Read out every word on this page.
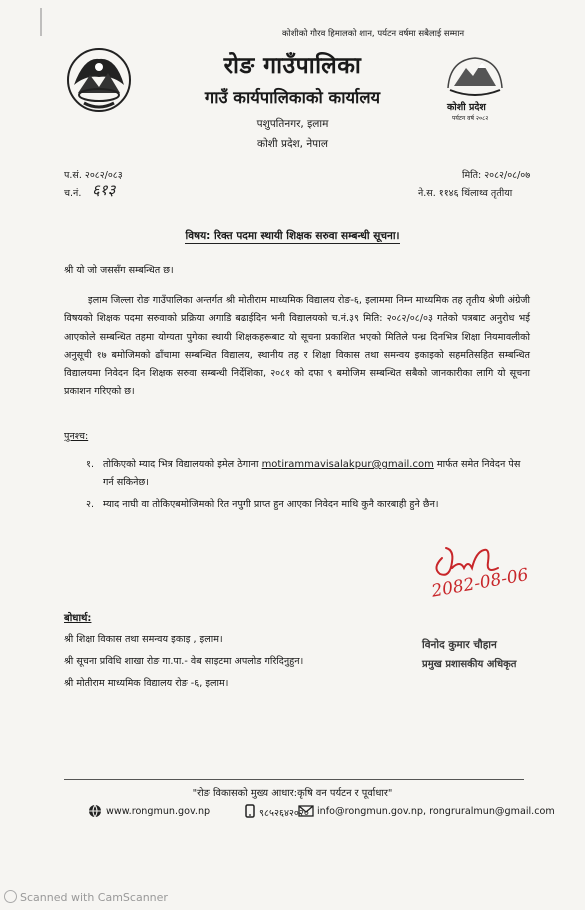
कोशीको गौरव हिमालको शान, पर्यटन वर्षमा सबैलाई सम्मान
रोङ गाउँपालिका
गाउँ कार्यपालिकाको कार्यालय
पशुपतिनगर, इलाम
कोशी प्रदेश, नेपाल
कोशी प्रदेश
पर्यटन वर्ष २०८२
प.सं. २०८२/०८३
च.नं. ६१३
मिति: २०८२/०८/०७
ने.स. ११४६ थिंलाथ्व तृतीया
विषय: रिक्त पदमा स्थायी शिक्षक सरुवा सम्बन्धी सूचना।
श्री यो जो जससँग सम्बन्धित छ।
इलाम जिल्ला रोङ गाउँपालिका अन्तर्गत श्री मोतीराम माध्यमिक विद्यालय रोङ-६, इलाममा निम्न माध्यमिक तह तृतीय श्रेणी अंग्रेजी विषयको शिक्षक पदमा सरुवाको प्रक्रिया अगाडि बढाईदिन भनी विद्यालयको च.नं.३९ मिति: २०८२/०८/०३ गतेको पत्रबाट अनुरोध भई आएकोले सम्बन्धित तहमा योग्यता पुगेका स्थायी शिक्षकहरूबाट यो सूचना प्रकाशित भएको मितिले पन्ध्र दिनभित्र शिक्षा नियमावलीको अनुसूची १७ बमोजिमको ढाँचामा सम्बन्धित विद्यालय, स्थानीय तह र शिक्षा विकास तथा समन्वय इकाइको सहमतिसहित सम्बन्धित विद्यालयमा निवेदन दिन शिक्षक सरुवा सम्बन्धी निर्देशिका, २०८१ को दफा ९ बमोजिम सम्बन्धित सबैको जानकारीका लागि यो सूचना प्रकाशन गरिएको छ।
पुनश्च:
१. तोकिएको म्याद भित्र विद्यालयको इमेल ठेगाना motirammavisalakpur@gmail.com मार्फत समेत निवेदन पेस गर्न सकिनेछ।
२. म्याद नाघी वा तोकिएबमोजिमको रित नपुगी प्राप्त हुन आएका निवेदन माथि कुनै कारबाही हुने छैन।
2082-08-06
विनोद कुमार चौहान
प्रमुख प्रशासकीय अधिकृत
बोधार्थ:
श्री शिक्षा विकास तथा समन्वय इकाइ , इलाम।
श्री सूचना प्रविधि शाखा रोङ गा.पा.- वेब साइटमा अपलोड गरिदिनुहुन।
श्री मोतीराम माध्यमिक विद्यालय रोङ -६, इलाम।
"रोङ विकासको मुख्य आधार:कृषि वन पर्यटन र पूर्वाधार"
www.rongmun.gov.np	९८५२६४२०२० info@rongmun.gov.np, rongruralmun@gmail.com
Scanned with CamScanner
